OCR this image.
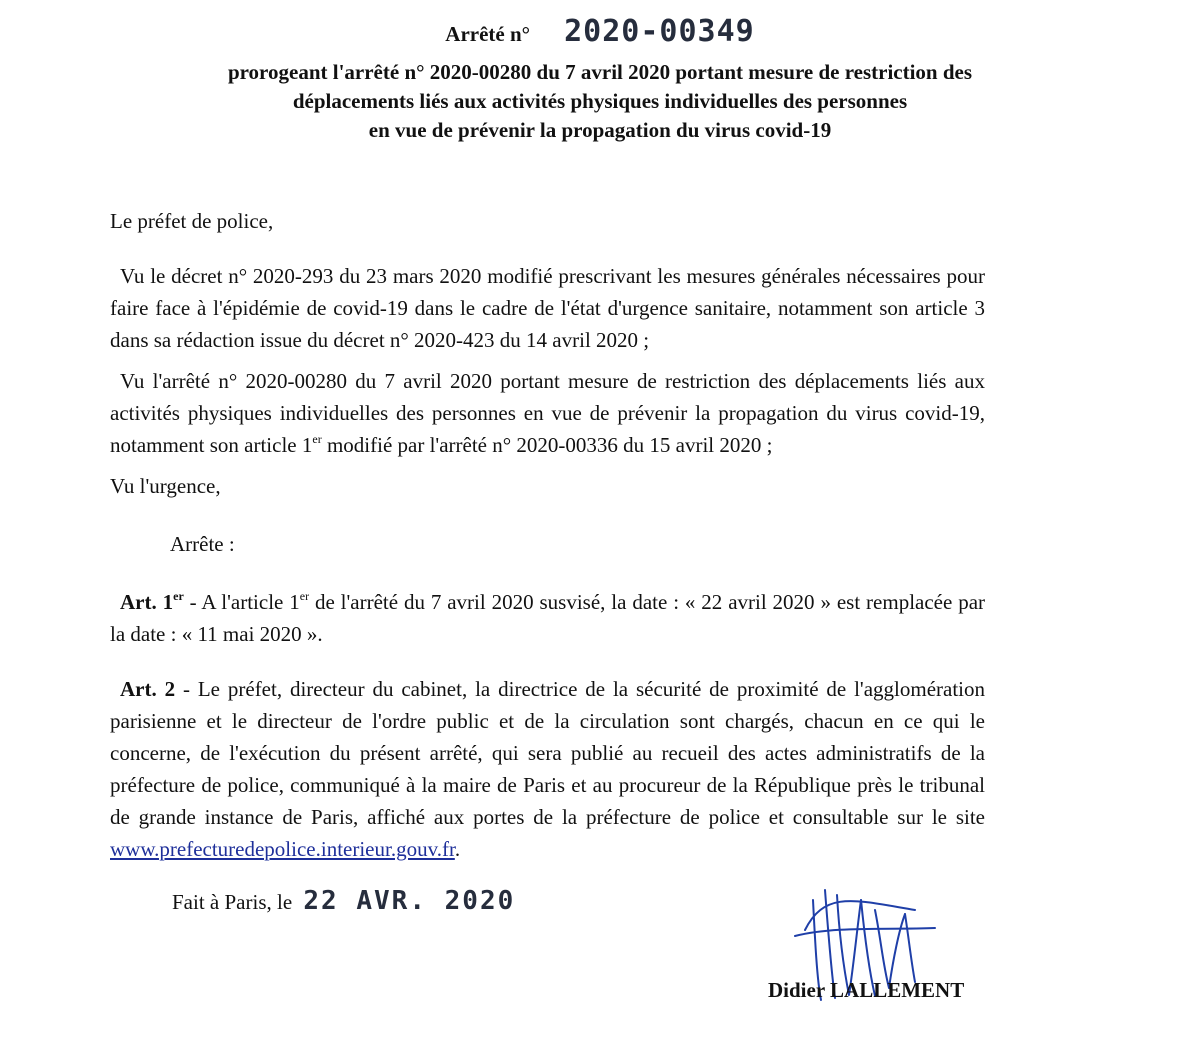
Arrêté n° 2020-00349
prorogeant l'arrêté n° 2020-00280 du 7 avril 2020 portant mesure de restriction des
déplacements liés aux activités physiques individuelles des personnes
en vue de prévenir la propagation du virus covid-19
Le préfet de police,
Vu le décret n° 2020-293 du 23 mars 2020 modifié prescrivant les mesures générales nécessaires pour faire face à l'épidémie de covid-19 dans le cadre de l'état d'urgence sanitaire, notamment son article 3 dans sa rédaction issue du décret n° 2020-423 du 14 avril 2020 ;
Vu l'arrêté n° 2020-00280 du 7 avril 2020 portant mesure de restriction des déplacements liés aux activités physiques individuelles des personnes en vue de prévenir la propagation du virus covid-19, notamment son article 1er modifié par l'arrêté n° 2020-00336 du 15 avril 2020 ;
Vu l'urgence,
Arrête :
Art. 1er - A l'article 1er de l'arrêté du 7 avril 2020 susvisé, la date : « 22 avril 2020 » est remplacée par la date : « 11 mai 2020 ».
Art. 2 - Le préfet, directeur du cabinet, la directrice de la sécurité de proximité de l'agglomération parisienne et le directeur de l'ordre public et de la circulation sont chargés, chacun en ce qui le concerne, de l'exécution du présent arrêté, qui sera publié au recueil des actes administratifs de la préfecture de police, communiqué à la maire de Paris et au procureur de la République près le tribunal de grande instance de Paris, affiché aux portes de la préfecture de police et consultable sur le site www.prefecturedepolice.interieur.gouv.fr.
Fait à Paris, le 22 AVR. 2020
Didier LALLEMENT
